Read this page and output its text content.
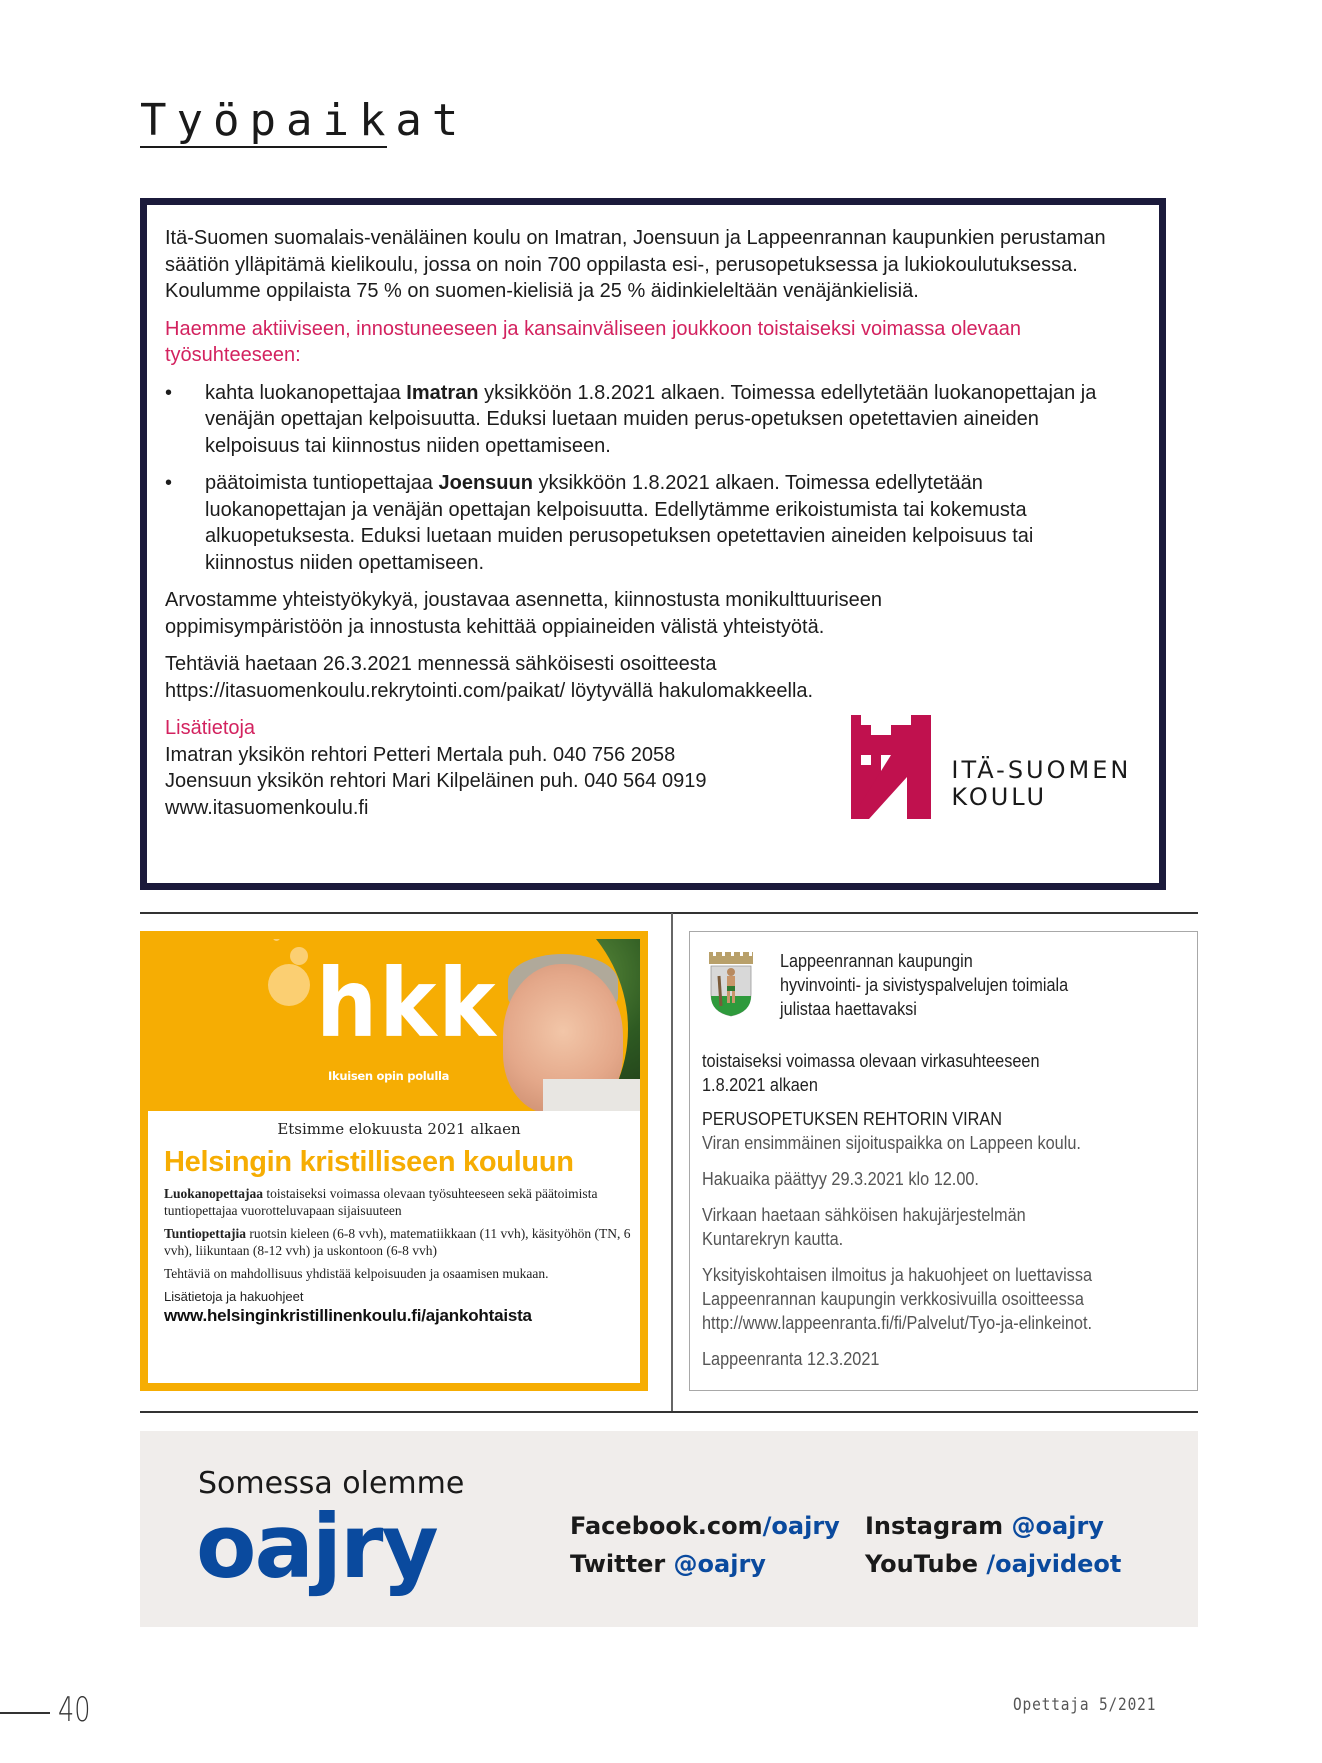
Työpaikat

Itä-Suomen suomalais-venäläinen koulu on Imatran, Joensuun ja Lappeenrannan kaupunkien perustaman säätiön ylläpitämä kielikoulu, jossa on noin 700 oppilasta esi-, perusopetuksessa ja lukiokoulutuksessa. Koulumme oppilaista 75 % on suomen-kielisiä ja 25 % äidinkieleltään venäjänkielisiä.

Haemme aktiiviseen, innostuneeseen ja kansainväliseen joukkoon toistaiseksi voimassa olevaan työsuhteeseen:

• kahta luokanopettajaa Imatran yksikköön 1.8.2021 alkaen. Toimessa edellytetään luokanopettajan ja venäjän opettajan kelpoisuutta. Eduksi luetaan muiden perus-opetuksen opetettavien aineiden kelpoisuus tai kiinnostus niiden opettamiseen.
• päätoimista tuntiopettajaa Joensuun yksikköön 1.8.2021 alkaen. Toimessa edellytetään luokanopettajan ja venäjän opettajan kelpoisuutta. Edellytämme erikoistumista tai kokemusta alkuopetuksesta. Eduksi luetaan muiden perusopetuksen opetettavien aineiden kelpoisuus tai kiinnostus niiden opettamiseen.

Arvostamme yhteistyökykyä, joustavaa asennetta, kiinnostusta monikulttuuriseen oppimisympäristöön ja innostusta kehittää oppiaineiden välistä yhteistyötä.

Tehtäviä haetaan 26.3.2021 mennessä sähköisesti osoitteesta
https://itasuomenkoulu.rekrytointi.com/paikat/ löytyvällä hakulomakkeella.

Lisätietoja
Imatran yksikön rehtori Petteri Mertala puh. 040 756 2058
Joensuun yksikön rehtori Mari Kilpeläinen puh. 040 564 0919
www.itasuomenkoulu.fi
ITÄ-SUOMEN
KOULU
hkk
Ikuisen opin polulla
Etsimme elokuusta 2021 alkaen
Helsingin kristilliseen kouluun

Luokanopettajaa toistaiseksi voimassa olevaan työsuhteeseen sekä päätoimista tuntiopettajaa vuorotteluvapaan sijaisuuteen

Tuntiopettajia ruotsin kieleen (6-8 vvh), matematiikkaan (11 vvh), käsityöhön (TN, 6 vvh), liikuntaan (8-12 vvh) ja uskontoon (6-8 vvh)

Tehtäviä on mahdollisuus yhdistää kelpoisuuden ja osaamisen mukaan.

Lisätietoja ja hakuohjeet
www.helsinginkristillinenkoulu.fi/ajankohtaista
Lappeenrannan kaupungin
hyvinvointi- ja sivistyspalvelujen toimiala
julistaa haettavaksi
toistaiseksi voimassa olevaan virkasuhteeseen
1.8.2021 alkaen
PERUSOPETUKSEN REHTORIN VIRAN

Viran ensimmäinen sijoituspaikka on Lappeen koulu.

Hakuaika päättyy 29.3.2021 klo 12.00.

Virkaan haetaan sähköisen hakujärjestelmän
Kuntarekryn kautta.

Yksityiskohtaisen ilmoitus ja hakuohjeet on luettavissa
Lappeenrannan kaupungin verkkosivuilla osoitteessa
http://www.lappeenranta.fi/fi/Palvelut/Tyo-ja-elinkeinot.

Lappeenranta 12.3.2021

Somessa olemme
oajry	Facebook.com/oajry	Instagram @oajry
Twitter @oajry	YouTube /oajvideot
40	Opettaja 5/2021
